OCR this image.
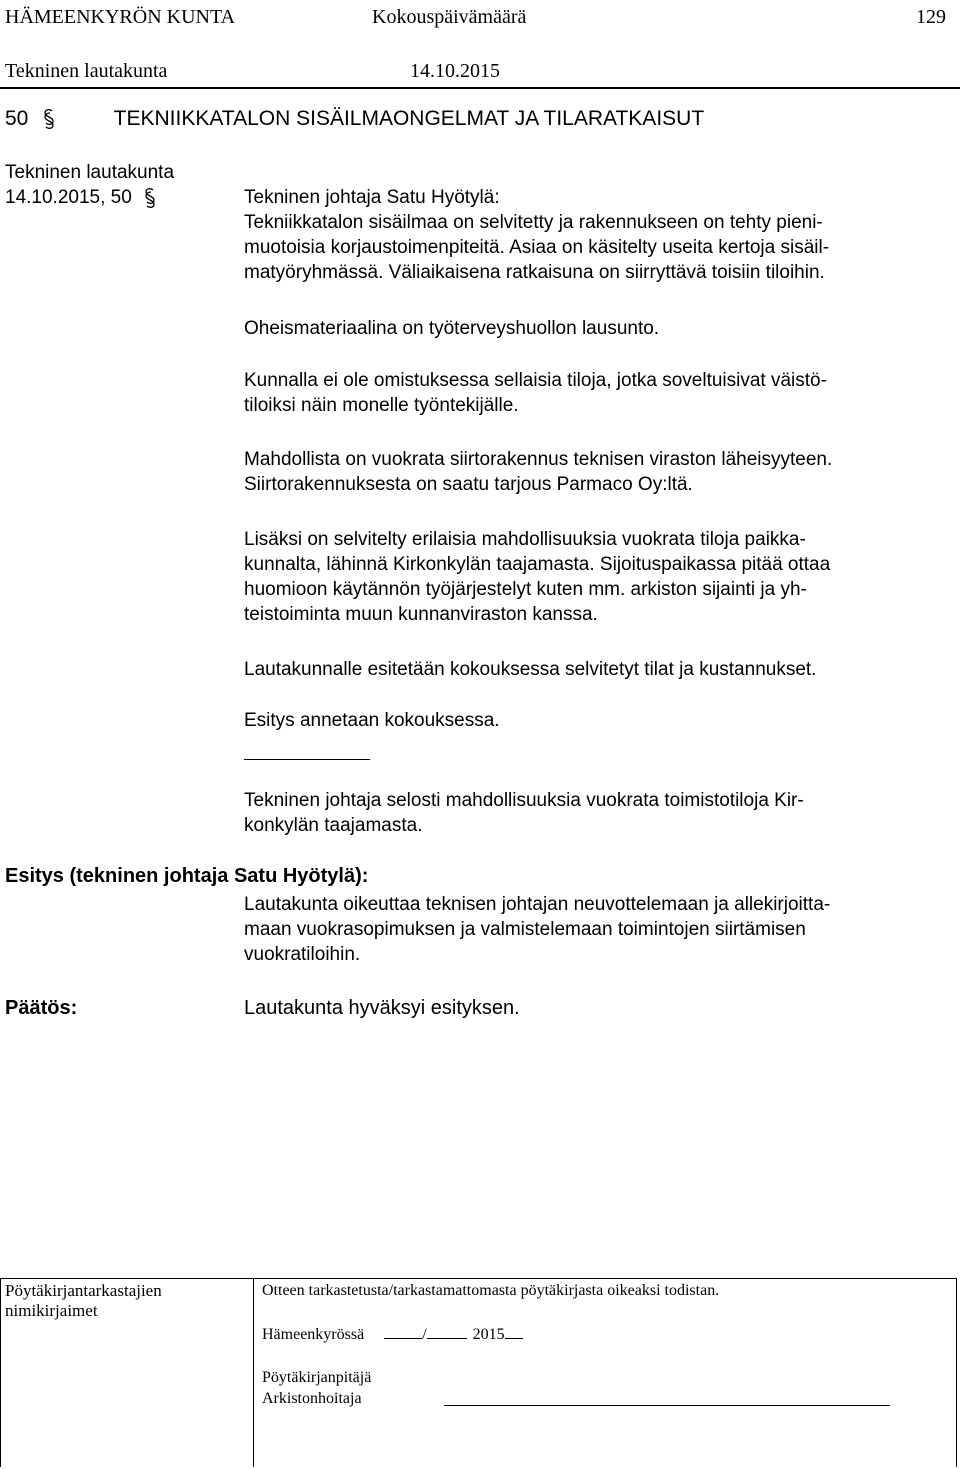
HÄMEENKYRÖN KUNTA	Kokouspäivämäärä	129
Tekninen lautakunta	14.10.2015
50	TEKNIIKKATALON SISÄILMAONGELMAT JA TILARATKAISUT
Tekninen lautakunta
14.10.2015, 50	Tekninen johtaja Satu Hyötylä:
Tekniikkatalon sisäilmaa on selvitetty ja rakennukseen on tehty pieni-
muotoisia korjaustoimenpiteitä. Asiaa on käsitelty useita kertoja sisäil-
matyöryhmässä. Väliaikaisena ratkaisuna on siirryttävä toisiin tiloihin.
Oheismateriaalina on työterveyshuollon lausunto.
Kunnalla ei ole omistuksessa sellaisia tiloja, jotka soveltuisivat väistö-
tiloiksi näin monelle työntekijälle.
Mahdollista on vuokrata siirtorakennus teknisen viraston läheisyyteen.
Siirtorakennuksesta on saatu tarjous Parmaco Oy:ltä.
Lisäksi on selvitelty erilaisia mahdollisuuksia vuokrata tiloja paikka-
kunnalta, lähinnä Kirkonkylän taajamasta. Sijoituspaikassa pitää ottaa
huomioon käytännön työjärjestelyt kuten mm. arkiston sijainti ja yh-
teistoiminta muun kunnanviraston kanssa.
Lautakunnalle esitetään kokouksessa selvitetyt tilat ja kustannukset.
Esitys annetaan kokouksessa.
Tekninen johtaja selosti mahdollisuuksia vuokrata toimistotiloja Kir-
konkylän taajamasta.
Esitys (tekninen johtaja Satu Hyötylä):
Lautakunta oikeuttaa teknisen johtajan neuvottelemaan ja allekirjoitta-
maan vuokrasopimuksen ja valmistelemaan toimintojen siirtämisen
vuokratiloihin.
Päätös:	Lautakunta hyväksyi esityksen.
Pöytäkirjantarkastajien
nimikirjaimet
Otteen tarkastetusta/tarkastamattomasta pöytäkirjasta oikeaksi todistan.
Hämeenkyrössä	/	2015
Pöytäkirjanpitäjä
Arkistonhoitaja
